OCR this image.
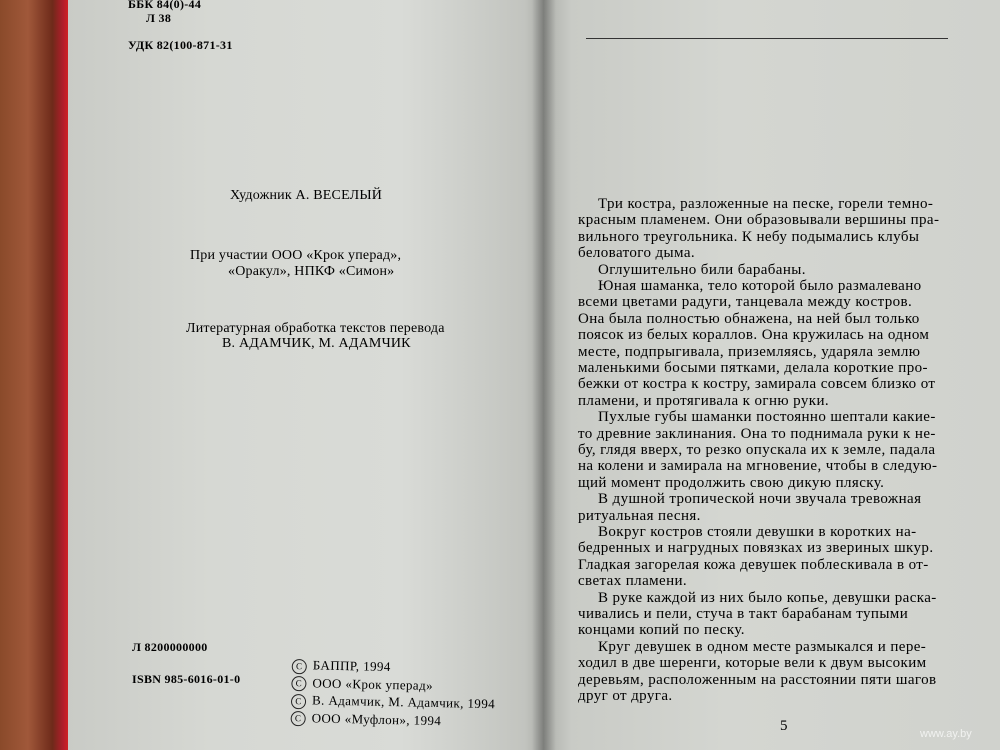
ББК 84(0)-44
Л 38
УДК 82(100-871-31
Художник А. ВЕСЕЛЫЙ
При участии ООО «Крок уперад»,
«Оракул», НПКФ «Симон»
Литературная обработка текстов перевода
В. АДАМЧИК, М. АДАМЧИК
Л 8200000000
ISBN 985-6016-01-0
C БАППР, 1994
C ООО «Крок уперад»
C В. Адамчик, М. Адамчик, 1994
C ООО «Муфлон», 1994
Три костра, разложенные на песке, горели темно-
красным пламенем. Они образовывали вершины пра-
вильного треугольника. К небу подымались клубы
беловатого дыма.
Оглушительно били барабаны.
Юная шаманка, тело которой было размалевано
всеми цветами радуги, танцевала между костров.
Она была полностью обнажена, на ней был только
поясок из белых кораллов. Она кружилась на одном
месте, подпрыгивала, приземляясь, ударяла землю
маленькими босыми пятками, делала короткие про-
бежки от костра к костру, замирала совсем близко от
пламени, и протягивала к огню руки.
Пухлые губы шаманки постоянно шептали какие-
то древние заклинания. Она то поднимала руки к не-
бу, глядя вверх, то резко опускала их к земле, падала
на колени и замирала на мгновение, чтобы в следую-
щий момент продолжить свою дикую пляску.
В душной тропической ночи звучала тревожная
ритуальная песня.
Вокруг костров стояли девушки в коротких на-
бедренных и нагрудных повязках из звериных шкур.
Гладкая загорелая кожа девушек поблескивала в от-
светах пламени.
В руке каждой из них было копье, девушки раска-
чивались и пели, стуча в такт барабанам тупыми
концами копий по песку.
Круг девушек в одном месте размыкался и пере-
ходил в две шеренги, которые вели к двум высоким
деревьям, расположенным на расстоянии пяти шагов
друг от друга.
5	www.ay.by
